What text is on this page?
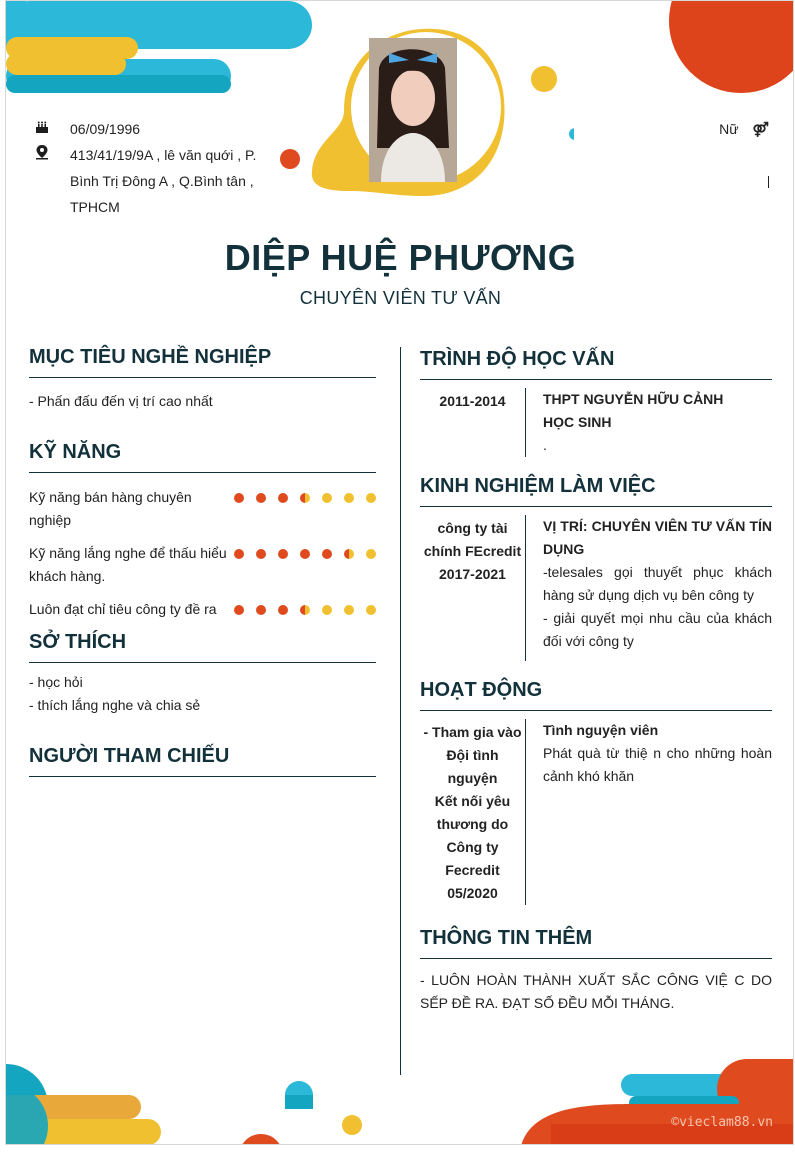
06/09/1996
413/41/19/9A , lê văn quới , P.
Bình Trị Đông A , Q.Bình tân ,
TPHCM
Nữ ⚤
DIỆP HUỆ PHƯƠNG
CHUYÊN VIÊN TƯ VẤN
MỤC TIÊU NGHỀ NGHIỆP
- Phấn đấu đến vị trí cao nhất
KỸ NĂNG
Kỹ năng bán hàng chuyên nghiệp
Kỹ năng lắng nghe để thấu hiểu khách hàng.
Luôn đạt chỉ tiêu công ty đề ra
SỞ THÍCH
- học hỏi
- thích lắng nghe và chia sẻ
NGƯỜI THAM CHIẾU
TRÌNH ĐỘ HỌC VẤN
2011-2014	THPT NGUYỄN HỮU CẢNH
HỌC SINH
.
KINH NGHIỆM LÀM VIỆC
công ty tài
chính FEcredit
2017-2021
VỊ TRÍ: CHUYÊN VIÊN TƯ VẤN TÍN DỤNG
-telesales gọi thuyết phục khách hàng sử dụng dịch vụ bên công ty
- giải quyết mọi nhu cầu của khách đối với công ty
HOẠT ĐỘNG
- Tham gia vào
Đội tình nguyện
Kết nối yêu
thương do
Công ty
Fecredit
05/2020
Tình nguyện viên
Phát quà từ thiệ n cho những hoàn cảnh khó khăn
THÔNG TIN THÊM
- LUÔN HOÀN THÀNH XUẤT SẮC CÔNG VIỆ C DO SẾP ĐỀ RA. ĐẠT SỐ ĐỀU MỖI THÁNG.
©vieclam88.vn
